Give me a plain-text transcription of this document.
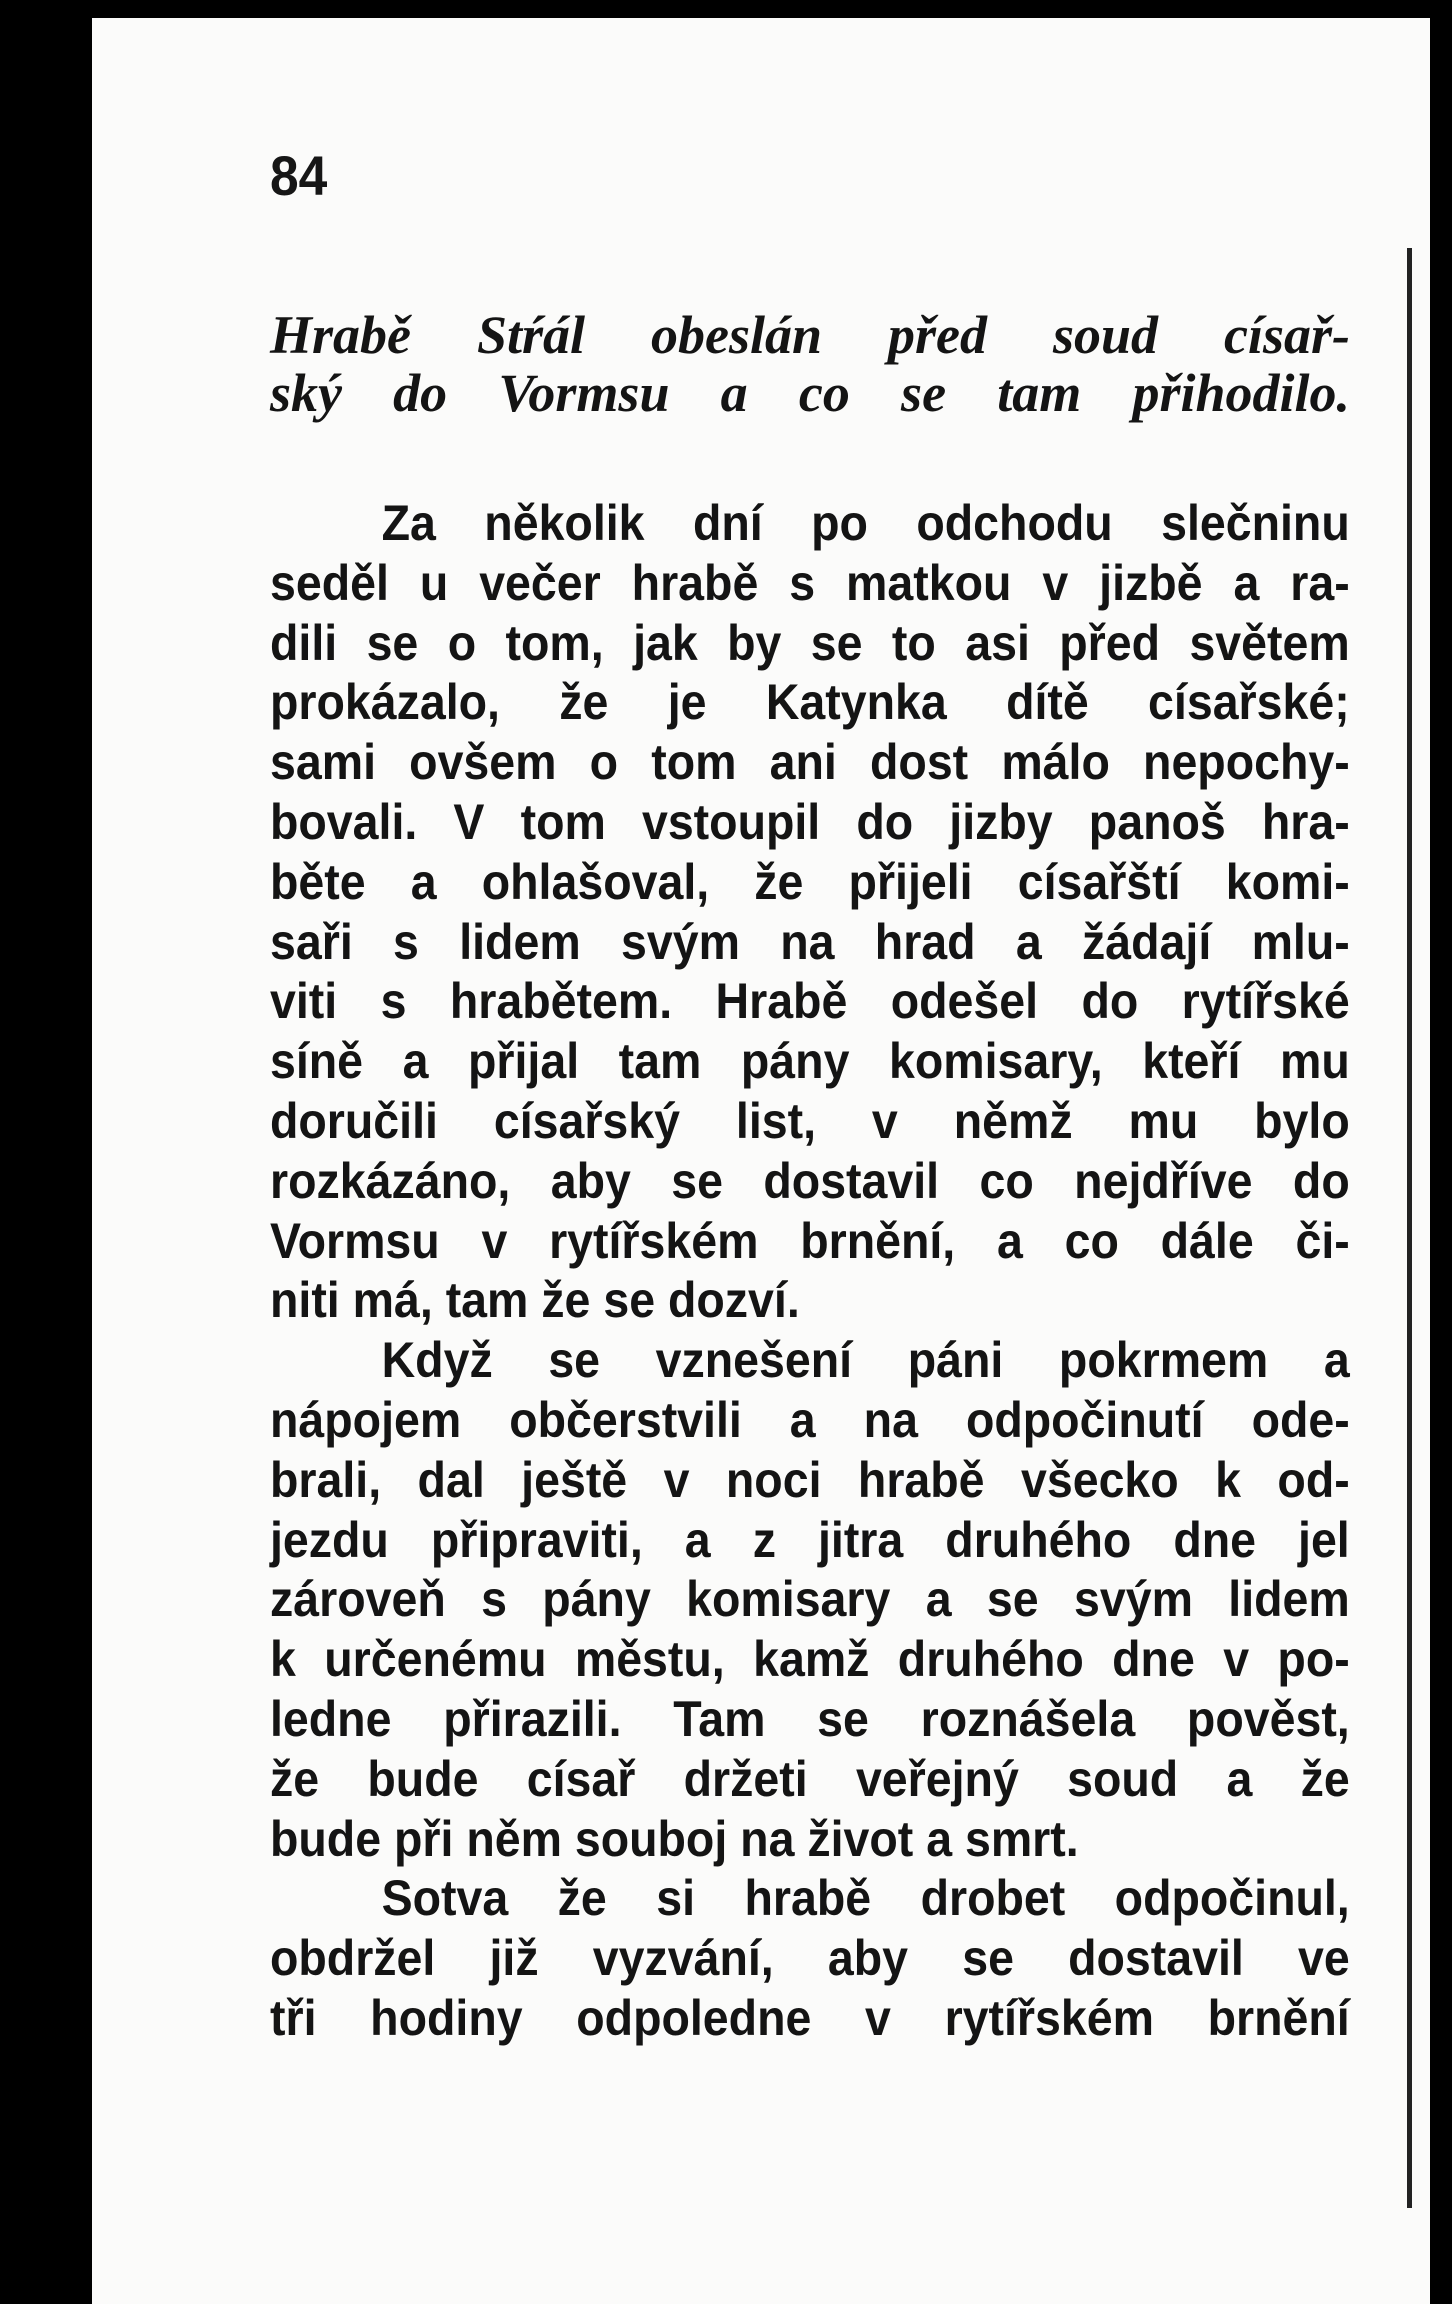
84

Hrabě Stŕál obeslán před soud císař-
ský do Vormsu a co se tam přihodilo.
Za několik dní po odchodu slečninu
seděl u večer hrabě s matkou v jizbě a ra-
dili se o tom, jak by se to asi před světem
prokázalo, že je Katynka dítě císařské;
sami ovšem o tom ani dost málo nepochy-
bovali. V tom vstoupil do jizby panoš hra-
běte a ohlašoval, že přijeli císařští komi-
saři s lidem svým na hrad a žádají mlu-
viti s hrabětem. Hrabě odešel do rytířské
síně a přijal tam pány komisary, kteří mu
doručili císařský list, v němž mu bylo
rozkázáno, aby se dostavil co nejdříve do
Vormsu v rytířském brnění, a co dále či-
niti má, tam že se dozví.
Když se vznešení páni pokrmem a
nápojem občerstvili a na odpočinutí ode-
brali, dal ještě v noci hrabě všecko k od-
jezdu připraviti, a z jitra druhého dne jel
zároveň s pány komisary a se svým lidem
k určenému městu, kamž druhého dne v po-
ledne přirazili. Tam se roznášela pověst,
že bude císař držeti veřejný soud a že
bude při něm souboj na život a smrt.
Sotva že si hrabě drobet odpočinul,
obdržel již vyzvání, aby se dostavil ve
tři hodiny odpoledne v rytířském brnění
